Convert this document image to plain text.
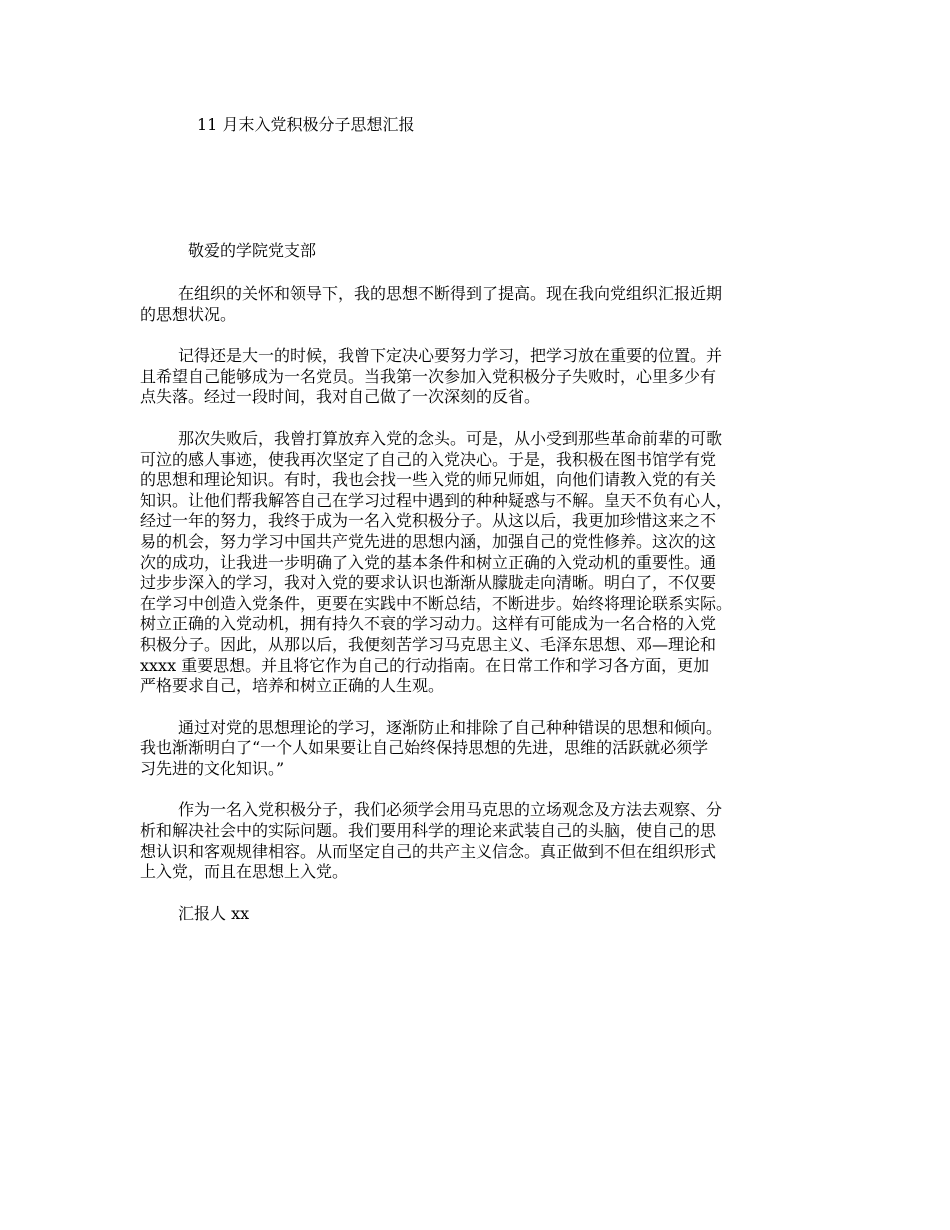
11 月末入党积极分子思想汇报
敬爱的学院党支部

在组织的关怀和领导下，我的思想不断得到了提高。现在我向党组织汇报近期
的思想状况。

记得还是大一的时候，我曾下定决心要努力学习，把学习放在重要的位置。并
且希望自己能够成为一名党员。当我第一次参加入党积极分子失败时，心里多少有
点失落。经过一段时间，我对自己做了一次深刻的反省。

那次失败后，我曾打算放弃入党的念头。可是，从小受到那些革命前辈的可歌
可泣的感人事迹，使我再次坚定了自己的入党决心。于是，我积极在图书馆学有党
的思想和理论知识。有时，我也会找一些入党的师兄师姐，向他们请教入党的有关
知识。让他们帮我解答自己在学习过程中遇到的种种疑惑与不解。皇天不负有心人，
经过一年的努力，我终于成为一名入党积极分子。从这以后，我更加珍惜这来之不
易的机会，努力学习中国共产党先进的思想内涵，加强自己的党性修养。这次的这
次的成功，让我进一步明确了入党的基本条件和树立正确的入党动机的重要性。通
过步步深入的学习，我对入党的要求认识也渐渐从朦胧走向清晰。明白了，不仅要
在学习中创造入党条件，更要在实践中不断总结，不断进步。始终将理论联系实际。
树立正确的入党动机，拥有持久不衰的学习动力。这样有可能成为一名合格的入党
积极分子。因此，从那以后，我便刻苦学习马克思主义、毛泽东思想、邓—理论和
xxxx 重要思想。并且将它作为自己的行动指南。在日常工作和学习各方面，更加
严格要求自己，培养和树立正确的人生观。

通过对党的思想理论的学习，逐渐防止和排除了自己种种错误的思想和倾向。
我也渐渐明白了“一个人如果要让自己始终保持思想的先进，思维的活跃就必须学
习先进的文化知识。”

作为一名入党积极分子，我们必须学会用马克思的立场观念及方法去观察、分
析和解决社会中的实际问题。我们要用科学的理论来武装自己的头脑，使自己的思
想认识和客观规律相容。从而坚定自己的共产主义信念。真正做到不但在组织形式
上入党，而且在思想上入党。

汇报人 xx
